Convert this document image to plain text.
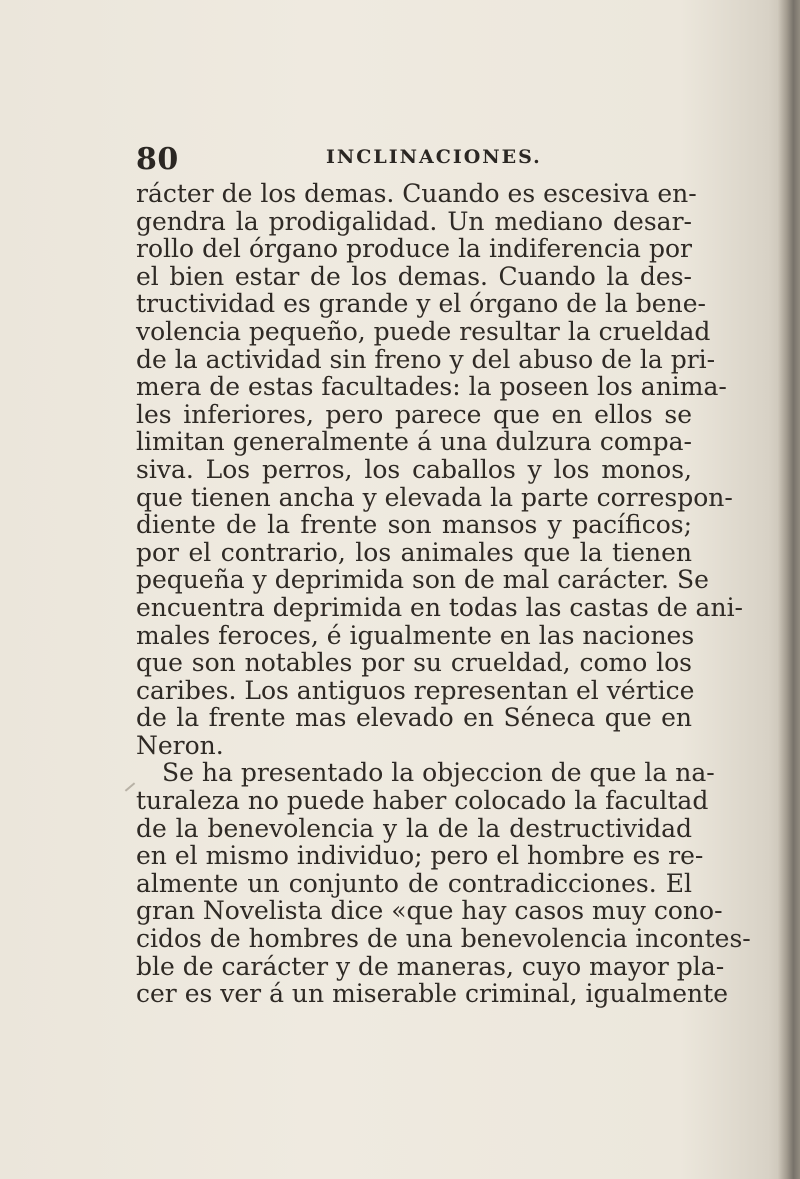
80	INCLINACIONES.
rácter de los demas. Cuando es escesiva en-
gendra la prodigalidad. Un mediano desar-
rollo del órgano produce la indiferencia por
el bien estar de los demas. Cuando la des-
tructividad es grande y el órgano de la bene-
volencia pequeño, puede resultar la crueldad
de la actividad sin freno y del abuso de la pri-
mera de estas facultades: la poseen los anima-
les inferiores, pero parece que en ellos se
limitan generalmente á una dulzura compa-
siva. Los perros, los caballos y los monos,
que tienen ancha y elevada la parte correspon-
diente de la frente son mansos y pacíficos;
por el contrario, los animales que la tienen
pequeña y deprimida son de mal carácter. Se
encuentra deprimida en todas las castas de ani-
males feroces, é igualmente en las naciones
que son notables por su crueldad, como los
caribes. Los antiguos representan el vértice
de la frente mas elevado en Séneca que en
Neron.
Se ha presentado la objeccion de que la na-
turaleza no puede haber colocado la facultad
de la benevolencia y la de la destructividad
en el mismo individuo; pero el hombre es re-
almente un conjunto de contradicciones. El
gran Novelista dice «que hay casos muy cono-
cidos de hombres de una benevolencia incontes-
ble de carácter y de maneras, cuyo mayor pla-
cer es ver á un miserable criminal, igualmente
